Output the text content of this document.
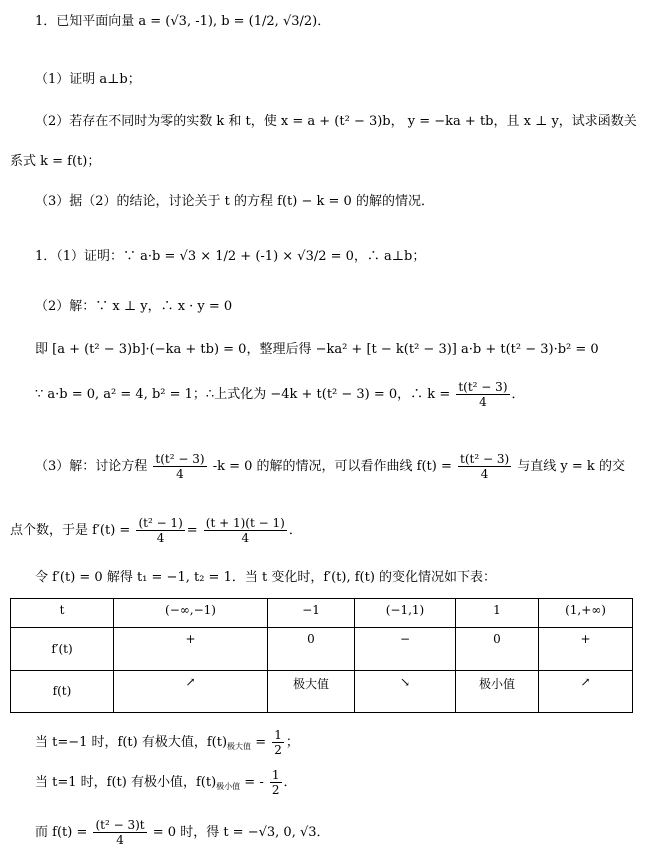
1．已知平面向量 a = (√3, -1), b = (1/2, √3/2)．
（1）证明 a⊥b；
（2）若存在不同时为零的实数 k 和 t，使 x = a + (t² − 3)b， y = −ka + tb，且 x ⊥ y，试求函数关
系式 k = f(t)；
（3）据（2）的结论，讨论关于 t 的方程 f(t) − k = 0 的解的情况．
1．（1）证明：∵ a·b = √3 × 1/2 + (-1) × √3/2 = 0，∴ a⊥b；
（2）解：∵ x ⊥ y，∴ x · y = 0
即 [a + (t² − 3)b]·(−ka + tb) = 0，整理后得 −ka² + [t − k(t² − 3)] a·b + t(t² − 3)·b² = 0
∵ a·b = 0, a² = 4, b² = 1；∴上式化为 −4k + t(t² − 3) = 0，∴ $k = \frac{\text{t(t² − 3)}}{4}$ ．
（3）解：讨论方程 $\frac{\text{t(t² − 3)}}{4} -k = 0$ 的解的情况，可以看作曲线 $f(t) = \frac{\text{t(t² − 3)}}{4}$ 与直线 y = k 的交
点个数，于是 $f'(t) = \frac{\text{(t² − 1)}}{4} = \frac{(t + 1)(t - 1)}{4}$ ．
令 f′(t) = 0 解得 t₁ = −1, t₂ = 1．当 t 变化时，f′(t), f(t) 的变化情况如下表：
t	(−∞,−1)	−1	(−1,1)	1	(1,+∞)
f′(t)	+	0	−	0	+
f(t)	↗	极大值	↘	极小值	↗
当 t=−1 时，f(t) 有极大值，$f(t)_{极大值} = \frac{1}{2}$ ；
当 t=1 时，f(t) 有极小值，$f(t)_{极小值}$ = - $\frac{1}{2}$ ．
而 $f(t) = \frac{\text{(t² − 3)t}}{4} = 0$ 时，得 t = −√3, 0, √3．
